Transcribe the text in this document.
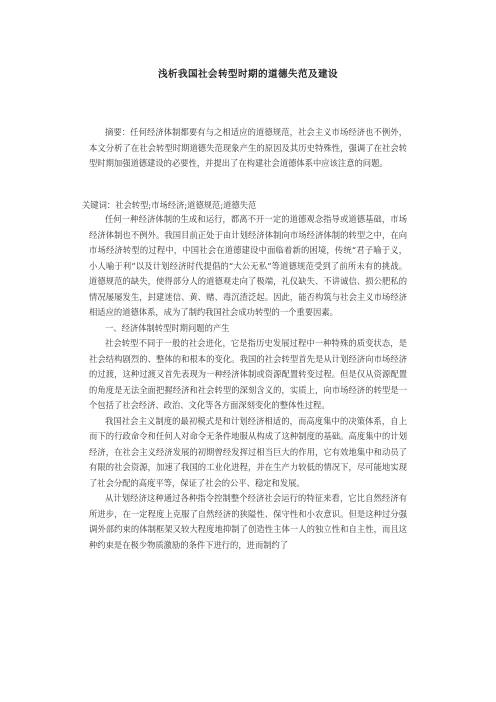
浅析我国社会转型时期的道德失范及建设
摘要：任何经济体制都要有与之相适应的道德规范，社会主义市场经济也不例外，本文分析了在社会转型时期道德失范现象产生的原因及其历史特殊性，强调了在社会转型时期加强道德建设的必要性，并提出了在构建社会道德体系中应该注意的问题。
关键词：社会转型;市场经济;道德规范;道德失范

任何一种经济体制的生成和运行，都离不开一定的道德观念指导或道德基础，市场经济体制也不例外。我国目前正处于由计划经济体制向市场经济体制的转型之中，在向市场经济转型的过程中，中国社会在道德建设中面临着新的困境，传统“君子喻于义，小人喻于利”以及计划经济时代提倡的“大公无私”等道德规范受到了前所未有的挑战。道德规范的缺失，使得部分人的道德观走向了极端，礼仪缺失、不讲诚信、损公肥私的情况屡屡发生，封建迷信、黄、赌、毒沉渣泛起。因此，能否构筑与社会主义市场经济相适应的道德体系，成为了制约我国社会成功转型的一个重要因素。

一、经济体制转型时期问题的产生

社会转型不同于一般的社会进化，它是指历史发展过程中一种特殊的质变状态，是社会结构剧烈的、整体的和根本的变化。我国的社会转型首先是从计划经济向市场经济的过渡，这种过渡又首先表现为一种经济体制或资源配置转变过程。但是仅从资源配置的角度是无法全面把握经济和社会转型的深刻含义的，实质上，向市场经济的转型是一个包括了社会经济、政治、文化等各方面深刻变化的整体性过程。

我国社会主义制度的最初模式是和计划经济相适的，而高度集中的决策体系，自上而下的行政命令和任何人对命令无条件地服从构成了这种制度的基础。高度集中的计划经济，在社会主义经济发展的初期曾经发挥过相当巨大的作用，它有效地集中和动员了有限的社会资源，加速了我国的工业化进程，并在生产力较低的情况下，尽可能地实现了社会分配的高度平等，保证了社会的公平、稳定和发展。

从计划经济这种通过各种指令控制整个经济社会运行的特征来看，它比自然经济有所进步，在一定程度上克服了自然经济的狭隘性、保守性和小农意识。但是这种过分强调外部约束的体制框架又较大程度地抑制了创造性主体一人的独立性和自主性，而且这种约束是在极少物质激励的条件下进行的，进而制约了
